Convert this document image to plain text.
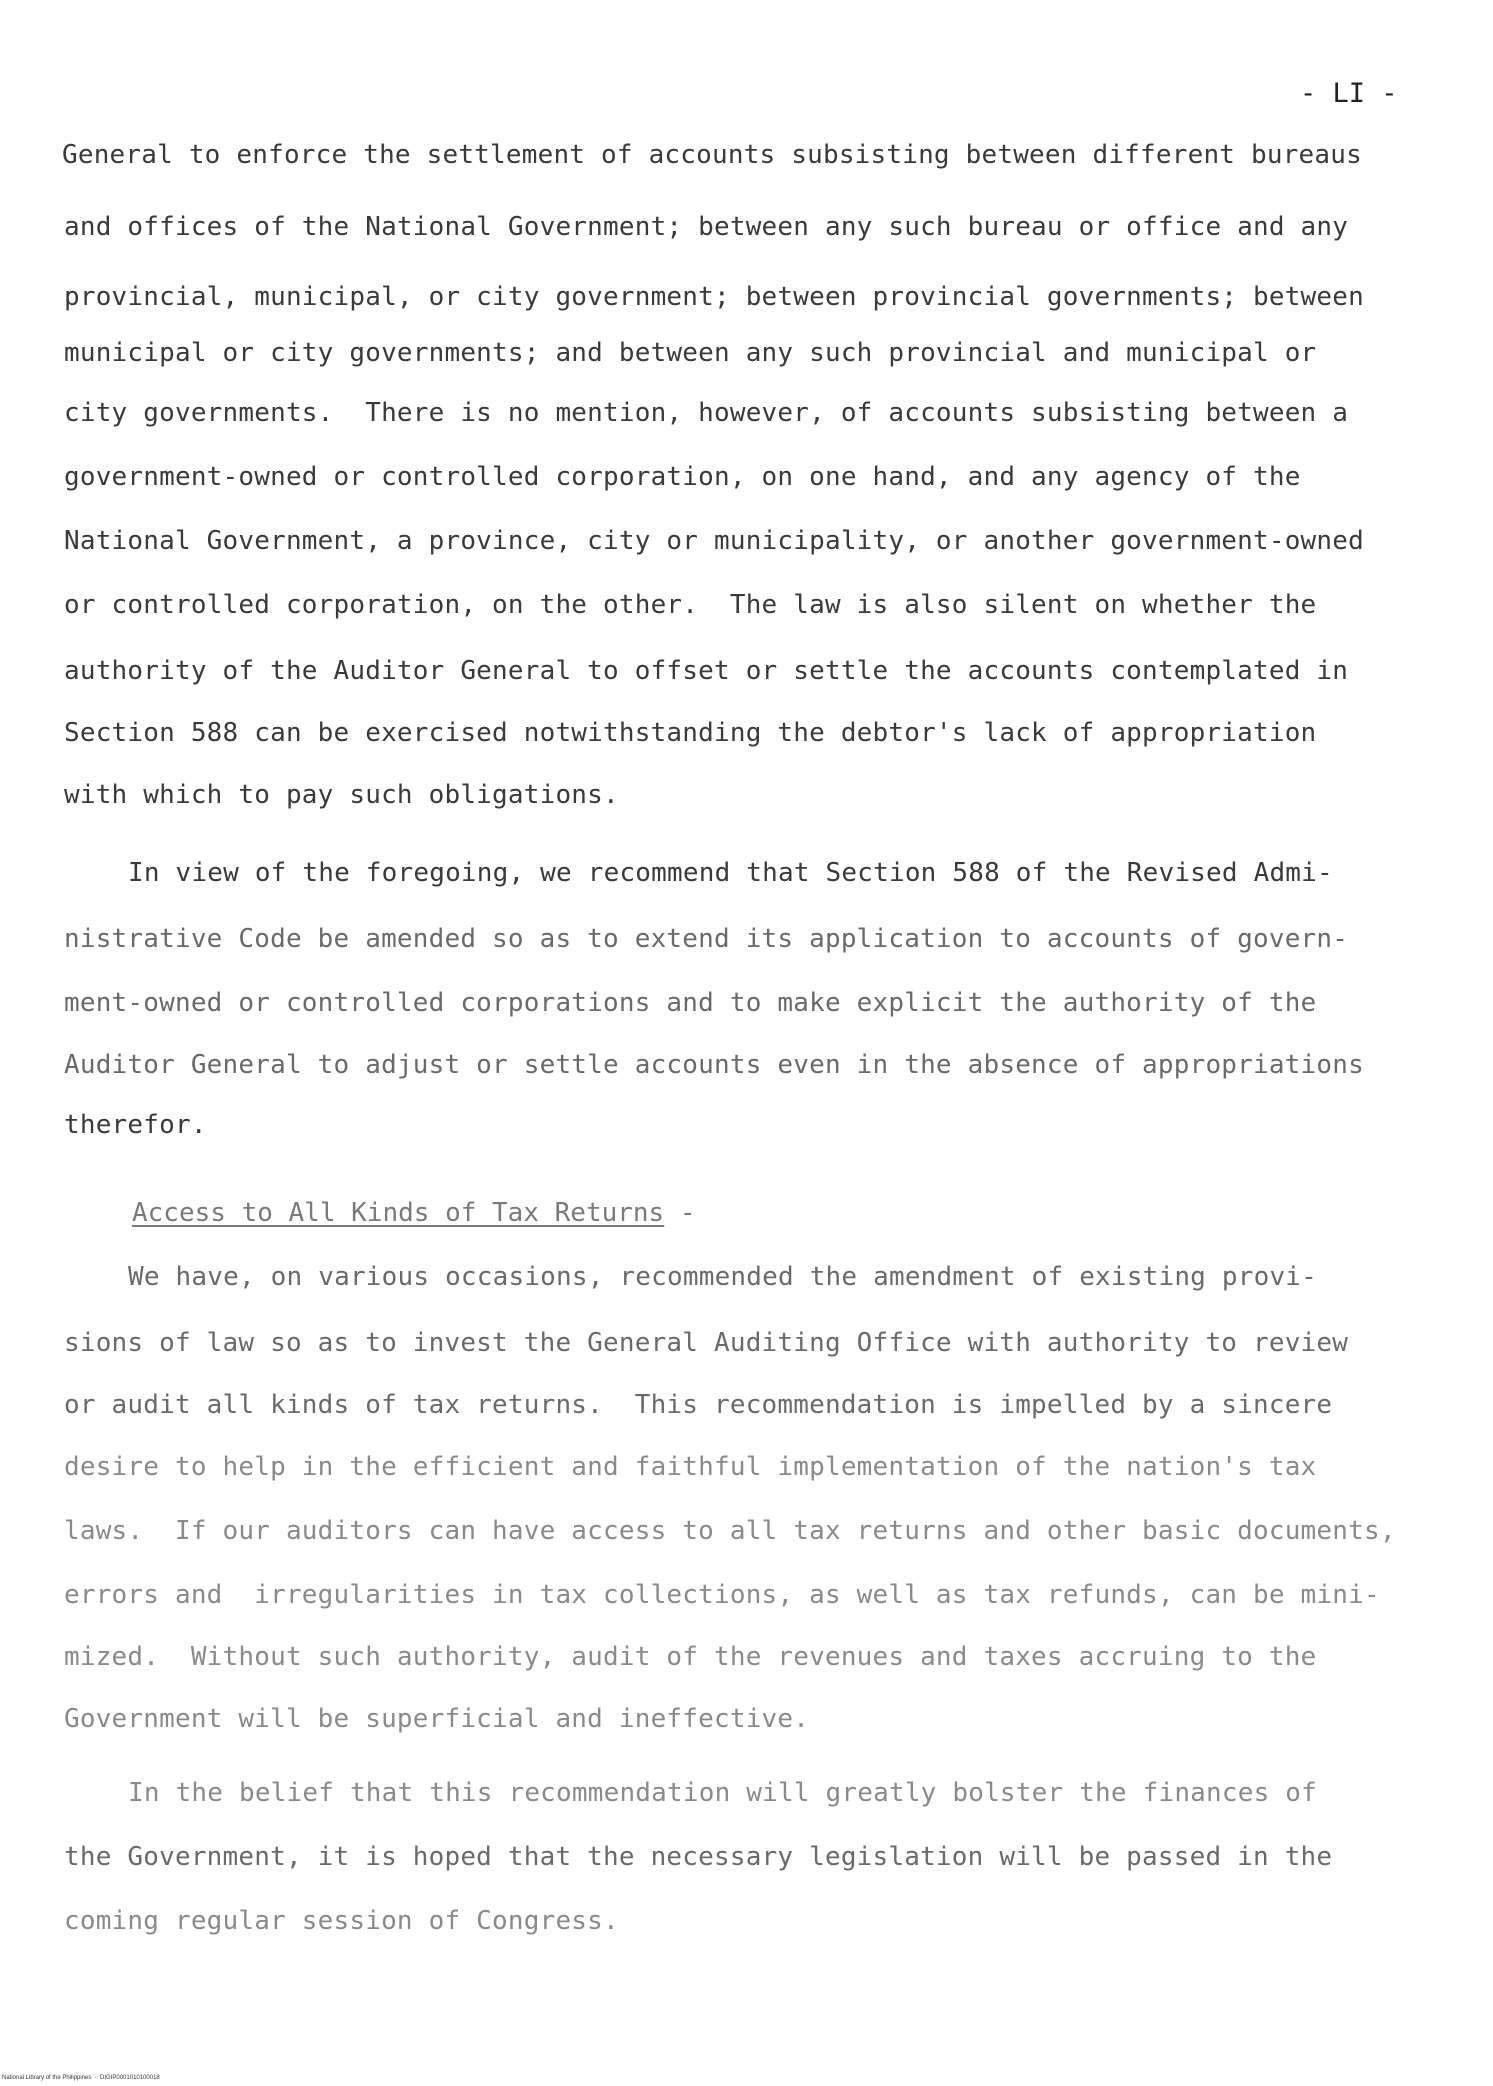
- LI -
General to enforce the settlement of accounts subsisting between different bureaus
and offices of the National Government; between any such bureau or office and any
provincial, municipal, or city government; between provincial governments; between
municipal or city governments; and between any such provincial and municipal or
city governments.  There is no mention, however, of accounts subsisting between a
government-owned or controlled corporation, on one hand, and any agency of the
National Government, a province, city or municipality, or another government-owned
or controlled corporation, on the other.  The law is also silent on whether the
authority of the Auditor General to offset or settle the accounts contemplated in
Section 588 can be exercised notwithstanding the debtor's lack of appropriation
with which to pay such obligations.
In view of the foregoing, we recommend that Section 588 of the Revised Admi-
nistrative Code be amended so as to extend its application to accounts of govern-
ment-owned or controlled corporations and to make explicit the authority of the
Auditor General to adjust or settle accounts even in the absence of appropriations
therefor.
Access to All Kinds of Tax Returns -
We have, on various occasions, recommended the amendment of existing provi-
sions of law so as to invest the General Auditing Office with authority to review
or audit all kinds of tax returns.  This recommendation is impelled by a sincere
desire to help in the efficient and faithful implementation of the nation's tax
laws.  If our auditors can have access to all tax returns and other basic documents,
errors and  irregularities in tax collections, as well as tax refunds, can be mini-
mized.  Without such authority, audit of the revenues and taxes accruing to the
Government will be superficial and ineffective.
In the belief that this recommendation will greatly bolster the finances of
the Government, it is hoped that the necessary legislation will be passed in the
coming regular session of Congress.
National Library of the Philippines  ·  DIGIP0001010100018
